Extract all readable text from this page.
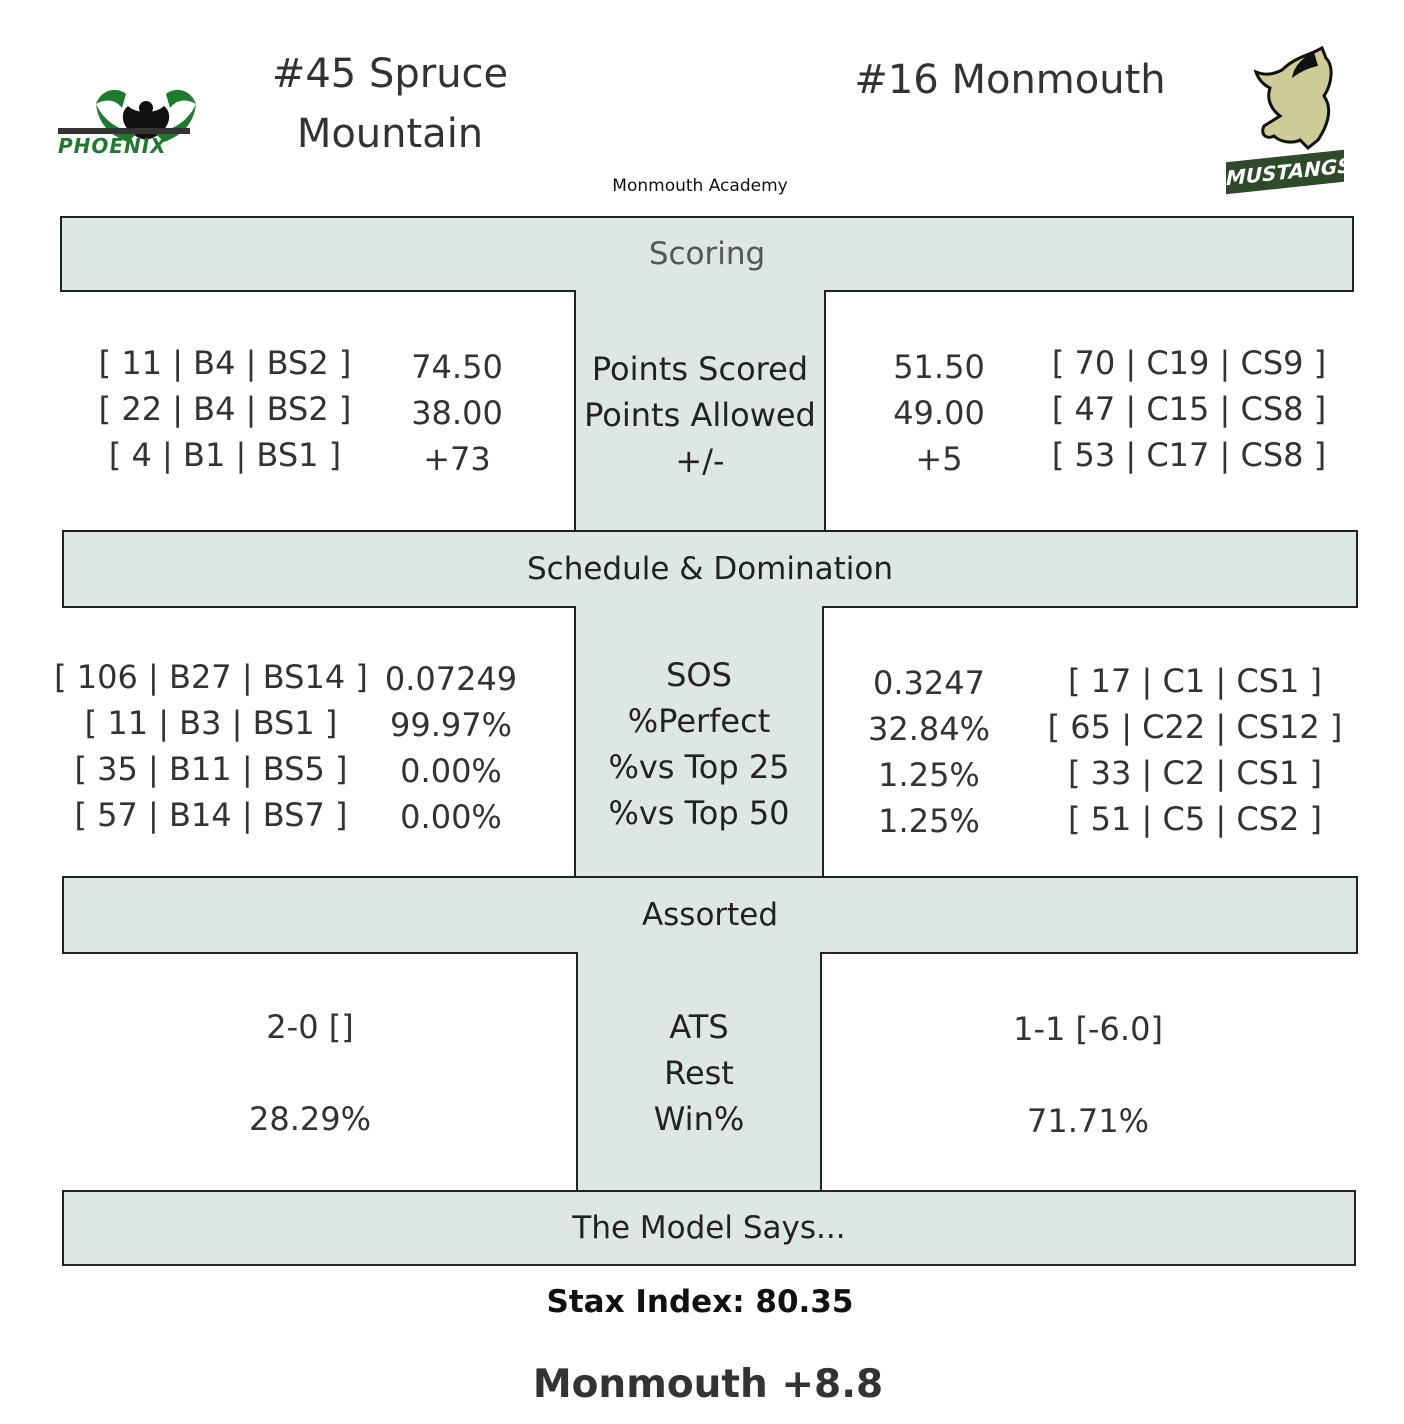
PHOENIX
#45 Spruce
Mountain
#16 Monmouth
MUSTANGS
Monmouth Academy
Scoring
[ 11 | B4 | BS2 ]
[ 22 | B4 | BS2 ]
[ 4 | B1 | BS1 ]
74.50
38.00
+73
Points Scored
Points Allowed
+/-
51.50
49.00
+5
[ 70 | C19 | CS9 ]
[ 47 | C15 | CS8 ]
[ 53 | C17 | CS8 ]
Schedule & Domination
[ 106 | B27 | BS14 ]
[ 11 | B3 | BS1 ]
[ 35 | B11 | BS5 ]
[ 57 | B14 | BS7 ]
0.07249
99.97%
0.00%
0.00%
SOS
%Perfect
%vs Top 25
%vs Top 50
0.3247
32.84%
1.25%
1.25%
[ 17 | C1 | CS1 ]
[ 65 | C22 | CS12 ]
[ 33 | C2 | CS1 ]
[ 51 | C5 | CS2 ]
Assorted
2-0 []
28.29%
ATS
Rest
Win%
1-1 [-6.0]
71.71%
The Model Says...
Stax Index: 80.35
Monmouth +8.8
